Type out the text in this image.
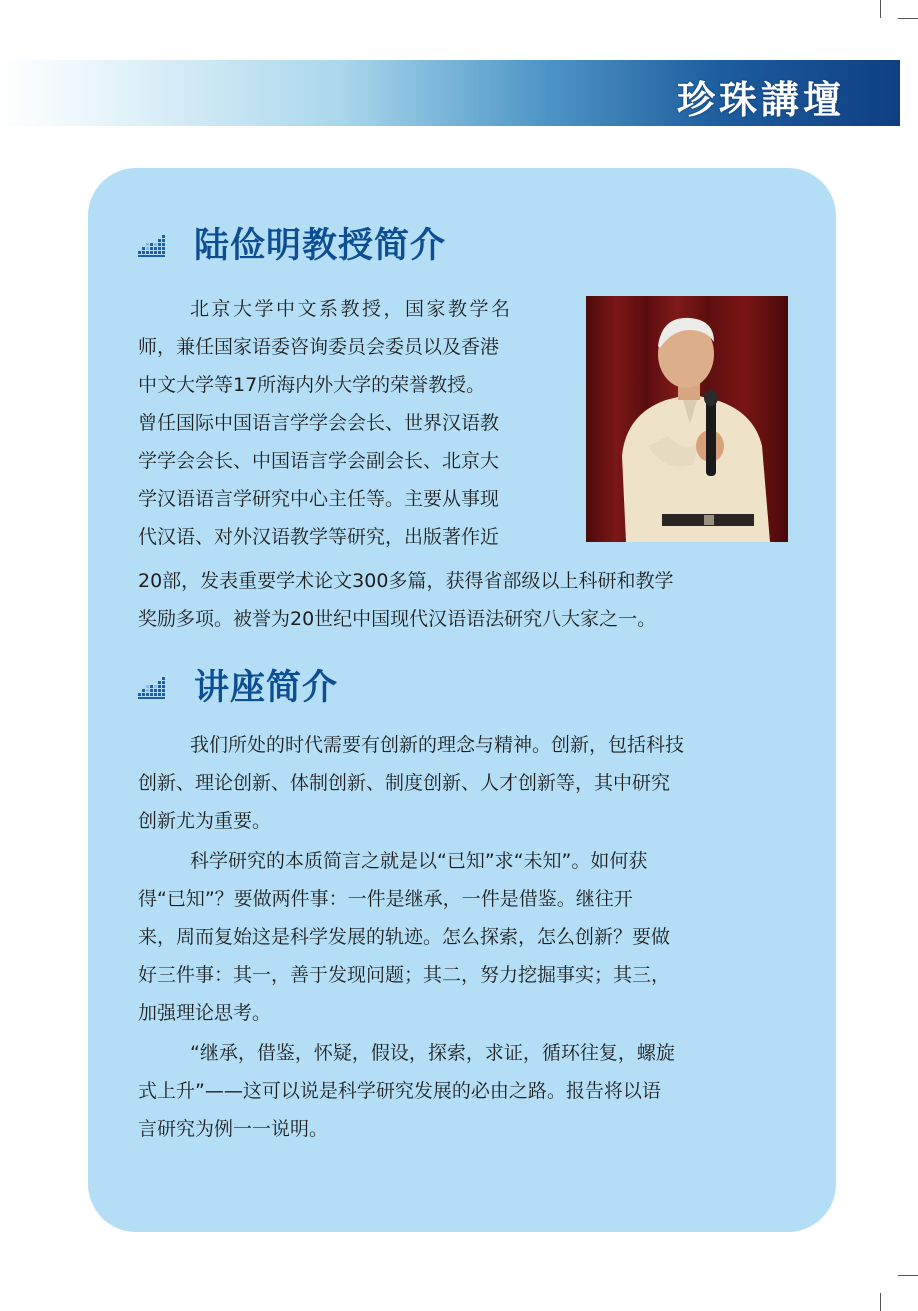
珍珠講壇
陆俭明教授简介
北京大学中文系教授，国家教学名
师，兼任国家语委咨询委员会委员以及香港
中文大学等17所海内外大学的荣誉教授。
曾任国际中国语言学学会会长、世界汉语教
学学会会长、中国语言学会副会长、北京大
学汉语语言学研究中心主任等。主要从事现
代汉语、对外汉语教学等研究，出版著作近
20部，发表重要学术论文300多篇，获得省部级以上科研和教学
奖励多项。被誉为20世纪中国现代汉语语法研究八大家之一。
讲座简介
我们所处的时代需要有创新的理念与精神。创新，包括科技
创新、理论创新、体制创新、制度创新、人才创新等，其中研究
创新尤为重要。
科学研究的本质简言之就是以“已知”求“未知”。如何获
得“已知”？要做两件事：一件是继承，一件是借鉴。继往开
来，周而复始这是科学发展的轨迹。怎么探索，怎么创新？要做
好三件事：其一，善于发现问题；其二，努力挖掘事实；其三，
加强理论思考。
“继承，借鉴，怀疑，假设，探索，求证，循环往复，螺旋
式上升”——这可以说是科学研究发展的必由之路。报告将以语
言研究为例一一说明。
